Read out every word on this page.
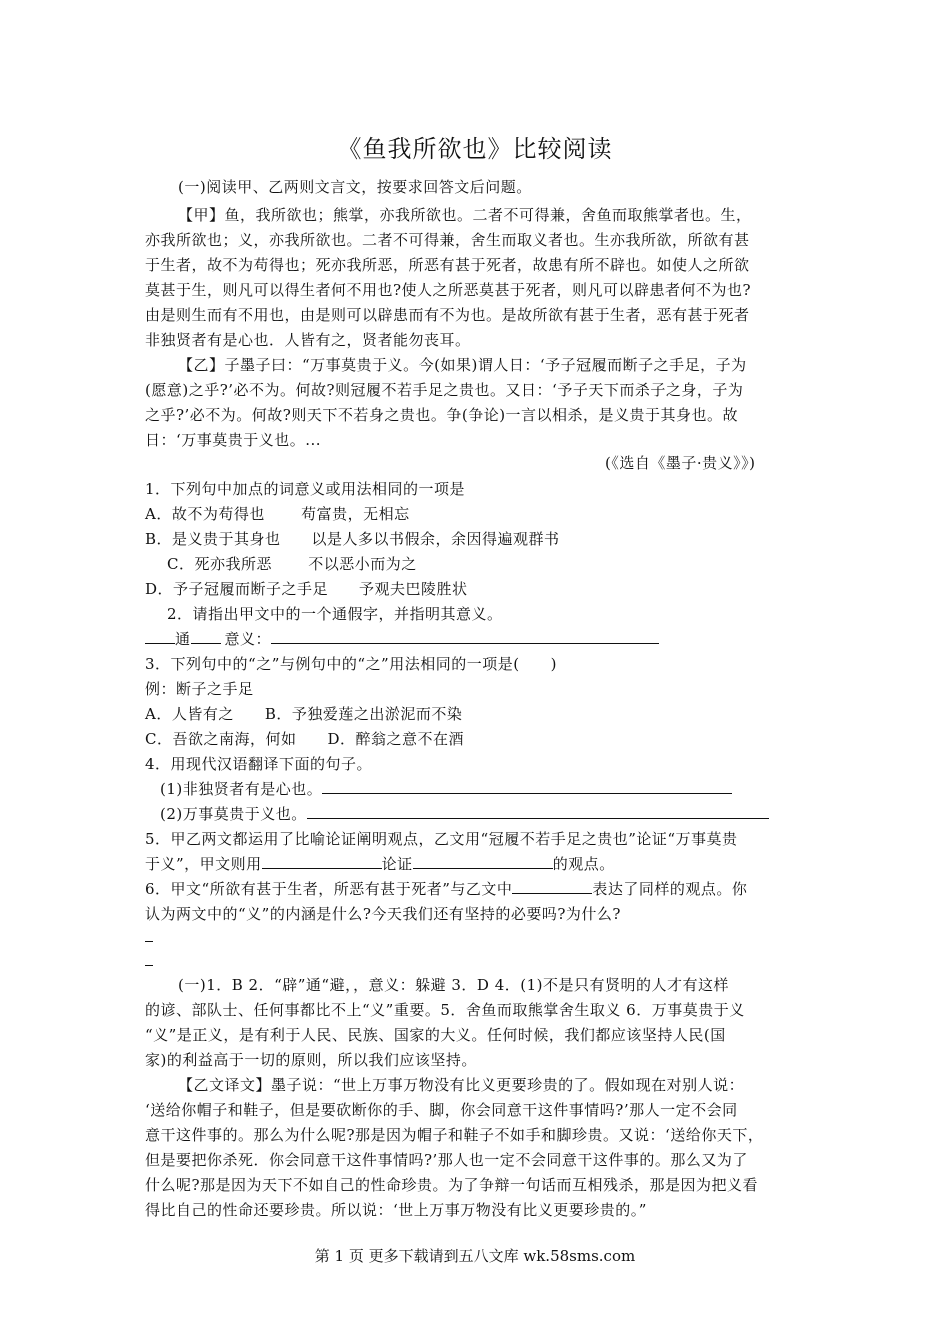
《鱼我所欲也》比较阅读
(一)阅读甲、乙两则文言文，按要求回答文后问题。
【甲】鱼，我所欲也；熊掌，亦我所欲也。二者不可得兼，舍鱼而取熊掌者也。生，
亦我所欲也；义，亦我所欲也。二者不可得兼，舍生而取义者也。生亦我所欲，所欲有甚
于生者，故不为苟得也；死亦我所恶，所恶有甚于死者，故患有所不辟也。如使人之所欲
莫甚于生，则凡可以得生者何不用也?使人之所恶莫甚于死者，则凡可以辟患者何不为也?
由是则生而有不用也，由是则可以辟患而有不为也。是故所欲有甚于生者，恶有甚于死者
非独贤者有是心也．人皆有之，贤者能勿丧耳。
【乙】子墨子曰：“万事莫贵于义。今(如果)谓人日：‘予子冠履而断子之手足，子为
(愿意)之乎?’必不为。何故?则冠履不若手足之贵也。又日：‘予子天下而杀子之身，子为
之乎?’必不为。何故?则天下不若身之贵也。争(争论)一言以相杀，是义贵于其身也。故
日：‘万事莫贵于义也。...
(《选自《墨子·贵义》》)
1．下列句中加点的词意义或用法相同的一项是
A．故不为苟得也　　 苟富贵，无相忘
B．是义贵于其身也　　以是人多以书假余，余因得遍观群书
C．死亦我所恶　　 不以恶小而为之
D．予子冠履而断子之手足　　予观夫巴陵胜状
2．请指出甲文中的一个通假字，并指明其意义。
通 意义：
3．下列句中的“之”与例句中的“之”用法相同的一项是(　　)
例：断子之手足
A．人皆有之　　B．予独爱莲之出淤泥而不染
C．吾欲之南海，何如　　D．醉翁之意不在酒
4．用现代汉语翻译下面的句子。
(1)非独贤者有是心也。
(2)万事莫贵于义也。
5．甲乙两文都运用了比喻论证阐明观点，乙文用“冠履不若手足之贵也”论证“万事莫贵
于义”，甲文则用	论证	的观点。
6．甲文“所欲有甚于生者，所恶有甚于死者”与乙文中	表达了同样的观点。你
认为两文中的“义”的内涵是什么?今天我们还有坚持的必要吗?为什么?
(一)1．B 2．“辟”通“避，，意义：躲避 3．D 4．(1)不是只有贤明的人才有这样
的谚、部队士、任何事都比不上“义”重要。5．舍鱼而取熊掌舍生取义 6．万事莫贵于义
“义”是正义，是有利于人民、民族、国家的大义。任何时候，我们都应该坚持人民(国
家)的利益高于一切的原则，所以我们应该坚持。
【乙文译文】墨子说：“世上万事万物没有比义更要珍贵的了。假如现在对别人说：
‘送给你帽子和鞋子，但是要砍断你的手、脚，你会同意干这件事情吗?’那人一定不会同
意干这件事的。那么为什么呢?那是因为帽子和鞋子不如手和脚珍贵。又说：‘送给你天下，
但是要把你杀死．你会同意干这件事情吗?’那人也一定不会同意干这件事的。那么又为了
什么呢?那是因为天下不如自己的性命珍贵。为了争辩一句话而互相残杀，那是因为把义看
得比自己的性命还要珍贵。所以说：‘世上万事万物没有比义更要珍贵的。”
第 1 页 更多下载请到五八文库 wk.58sms.com
